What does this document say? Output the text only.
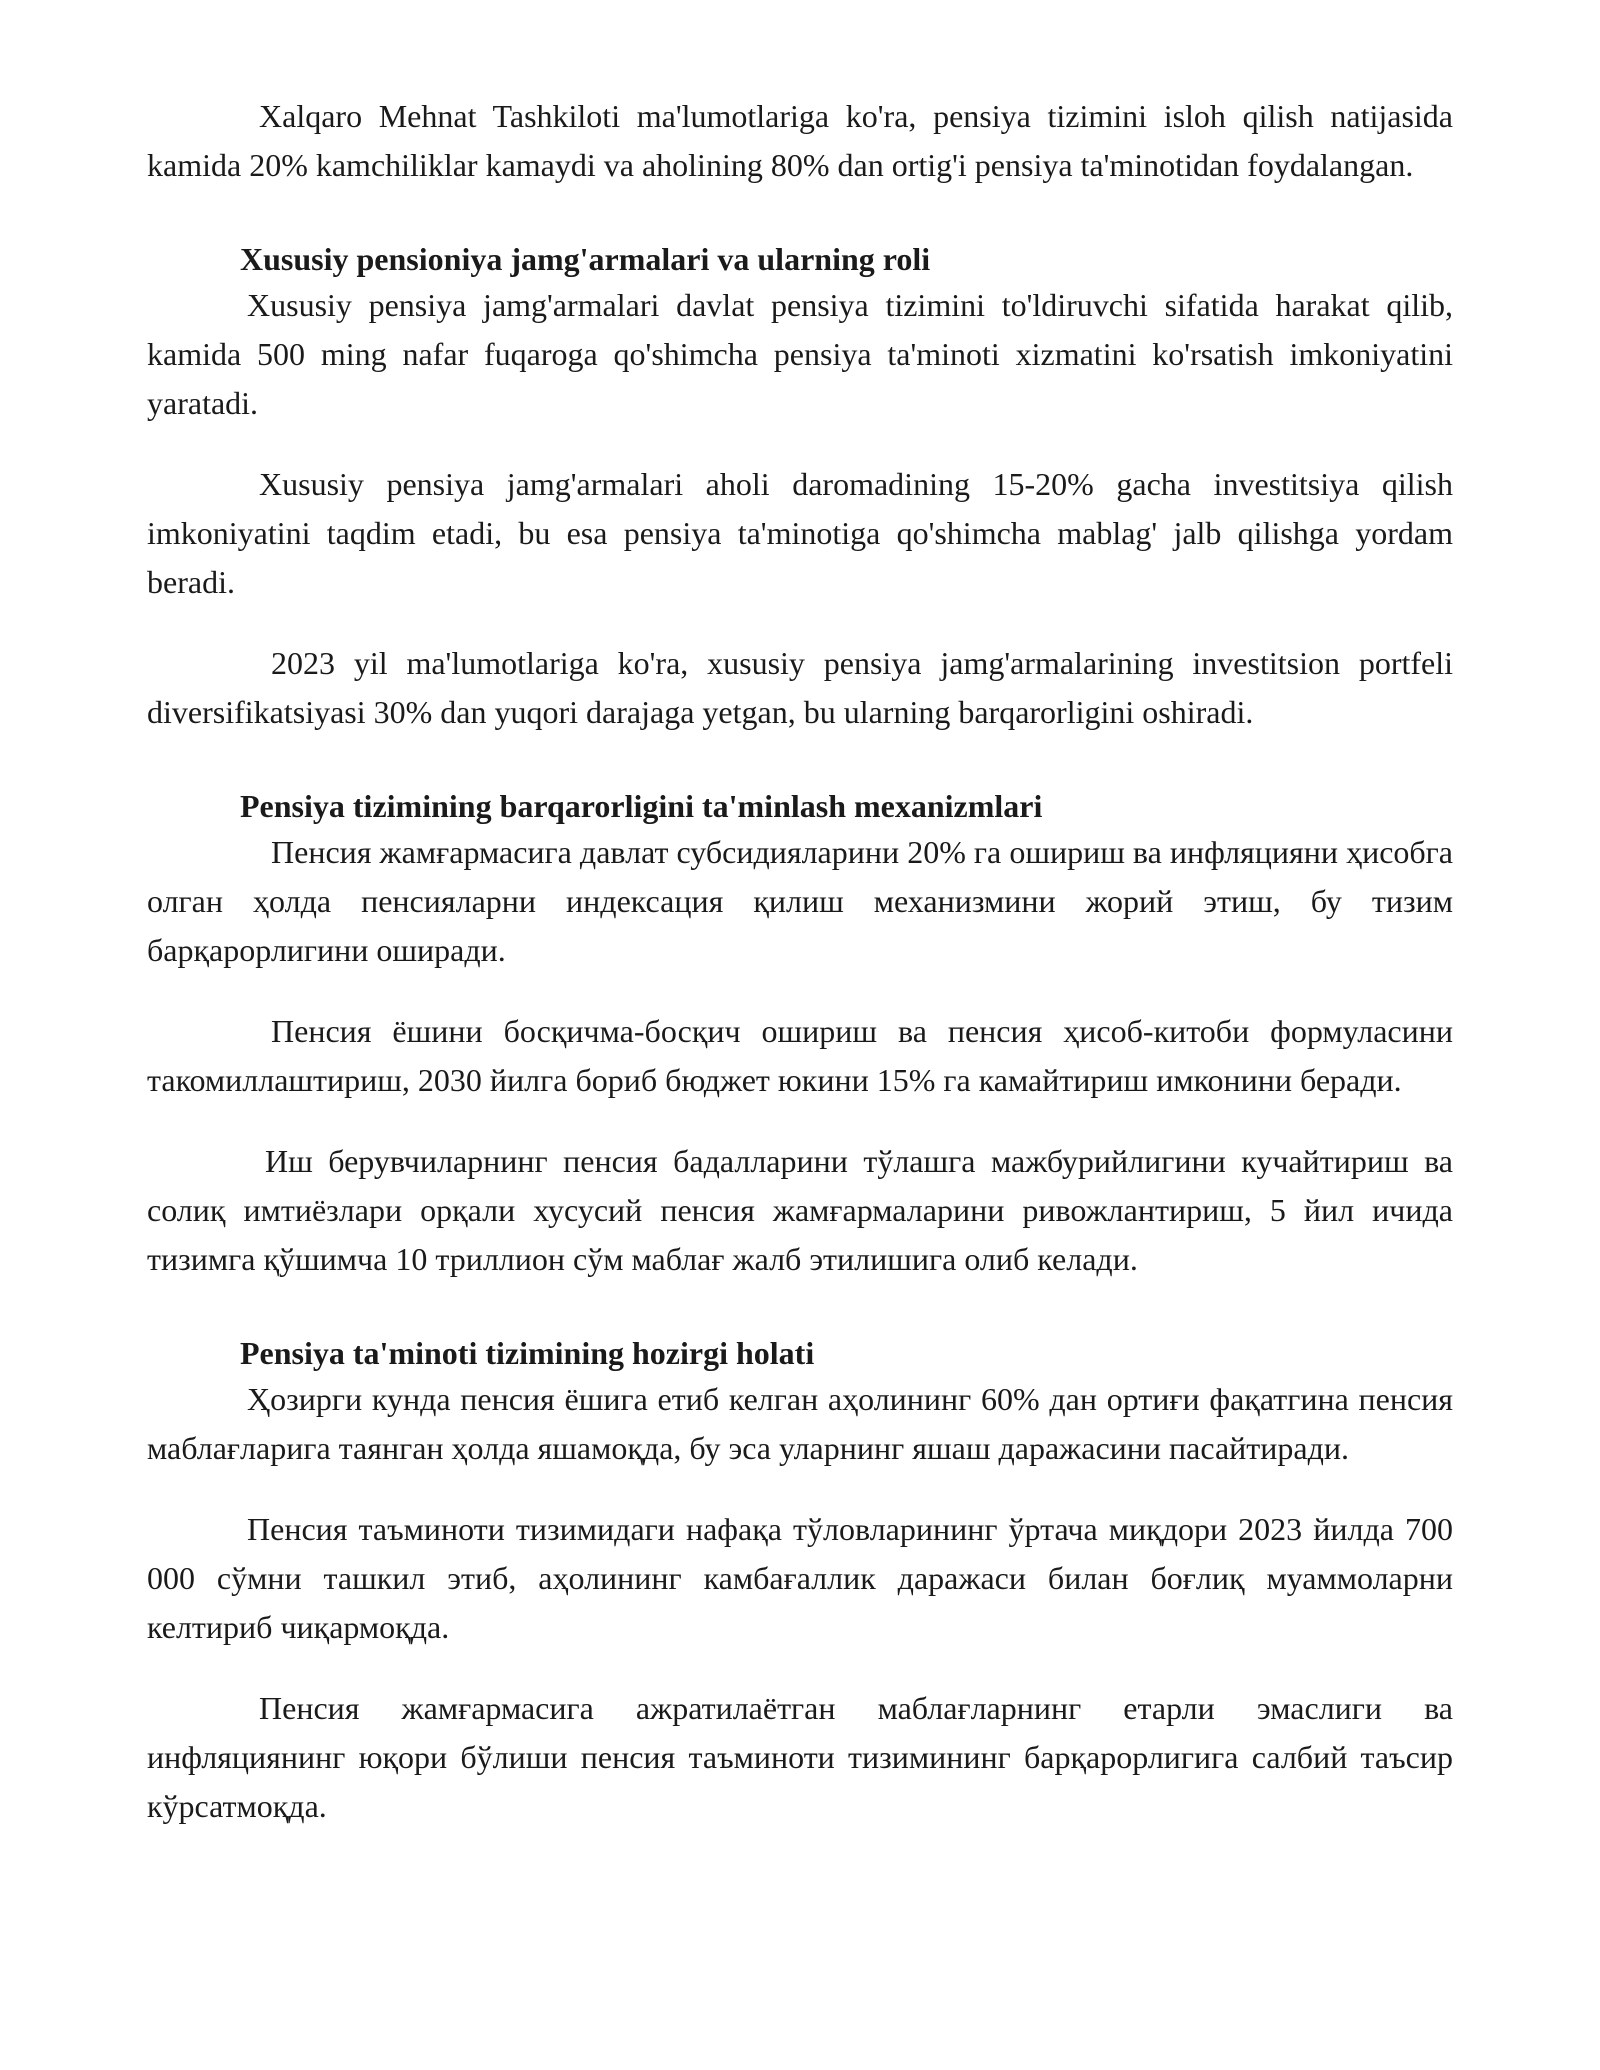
Xalqaro Mehnat Tashkiloti ma'lumotlariga ko'ra, pensiya tizimini isloh qilish natijasida kamida 20% kamchiliklar kamaydi va aholining 80% dan ortig'i pensiya ta'minotidan foydalangan.

Xususiy pensioniya jamg'armalari va ularning roli

Xususiy pensiya jamg'armalari davlat pensiya tizimini to'ldiruvchi sifatida harakat qilib, kamida 500 ming nafar fuqaroga qo'shimcha pensiya ta'minoti xizmatini ko'rsatish imkoniyatini yaratadi.

Xususiy pensiya jamg'armalari aholi daromadining 15-20% gacha investitsiya qilish imkoniyatini taqdim etadi, bu esa pensiya ta'minotiga qo'shimcha mablag' jalb qilishga yordam beradi.

2023 yil ma'lumotlariga ko'ra, xususiy pensiya jamg'armalarining investitsion portfeli diversifikatsiyasi 30% dan yuqori darajaga yetgan, bu ularning barqarorligini oshiradi.

Pensiya tizimining barqarorligini ta'minlash mexanizmlari

Пенсия жамғармасига давлат субсидияларини 20% га ошириш ва инфляцияни ҳисобга олган ҳолда пенсияларни индексация қилиш механизмини жорий этиш, бу тизим барқарорлигини оширади.

Пенсия ёшини босқичма-босқич ошириш ва пенсия ҳисоб-китоби формуласини такомиллаштириш, 2030 йилга бориб бюджет юкини 15% га камайтириш имконини беради.

Иш берувчиларнинг пенсия бадалларини тўлашга мажбурийлигини кучайтириш ва солиқ имтиёзлари орқали хусусий пенсия жамғармаларини ривожлантириш, 5 йил ичида тизимга қўшимча 10 триллион сўм маблағ жалб этилишига олиб келади.

Pensiya ta'minoti tizimining hozirgi holati

Ҳозирги кунда пенсия ёшига етиб келган аҳолининг 60% дан ортиғи фақатгина пенсия маблағларига таянган ҳолда яшамоқда, бу эса уларнинг яшаш даражасини пасайтиради.

Пенсия таъминоти тизимидаги нафақа тўловларининг ўртача миқдори 2023 йилда 700 000 сўмни ташкил этиб, аҳолининг камбағаллик даражаси билан боғлиқ муаммоларни келтириб чиқармоқда.

Пенсия жамғармасига ажратилаётган маблағларнинг етарли эмаслиги ва инфляциянинг юқори бўлиши пенсия таъминоти тизимининг барқарорлигига салбий таъсир кўрсатмоқда.
